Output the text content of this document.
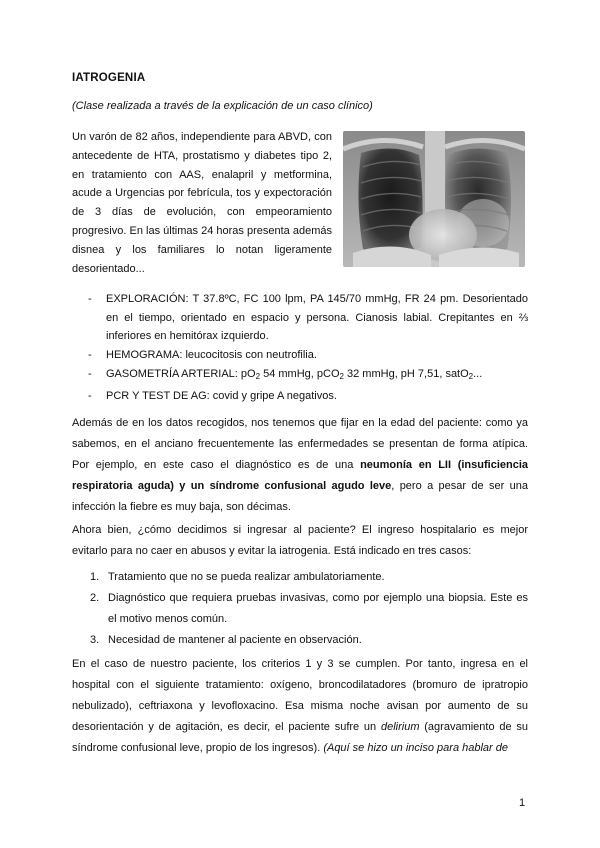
IATROGENIA
(Clase realizada a través de la explicación de un caso clínico)
Un varón de 82 años, independiente para ABVD, con antecedente de HTA, prostatismo y diabetes tipo 2, en tratamiento con AAS, enalapril y metformina, acude a Urgencias por febrícula, tos y expectoración de 3 días de evolución, con empeoramiento progresivo. En las últimas 24 horas presenta además disnea y los familiares lo notan ligeramente desorientado...
- EXPLORACIÓN: T 37.8ºC, FC 100 lpm, PA 145/70 mmHg, FR 24 pm. Desorientado en el tiempo, orientado en espacio y persona. Cianosis labial. Crepitantes en ⅔ inferiores en hemitórax izquierdo.
- HEMOGRAMA: leucocitosis con neutrofilia.
- GASOMETRÍA ARTERIAL: $pO_2$ 54 mmHg, pCO$_2$ 32 mmHg, pH 7,51, satO$_2$...
- PCR Y TEST DE AG: covid y gripe A negativos.

Además de en los datos recogidos, nos tenemos que fijar en la edad del paciente: como ya sabemos, en el anciano frecuentemente las enfermedades se presentan de forma atípica. Por ejemplo, en este caso el diagnóstico es de una neumonía en LII (insuficiencia respiratoria aguda) y un síndrome confusional agudo leve, pero a pesar de ser una infección la fiebre es muy baja, son décimas.

Ahora bien, ¿cómo decidimos si ingresar al paciente? El ingreso hospitalario es mejor evitarlo para no caer en abusos y evitar la iatrogenia. Está indicado en tres casos:

1. Tratamiento que no se pueda realizar ambulatoriamente.
2. Diagnóstico que requiera pruebas invasivas, como por ejemplo una biopsia. Este es el motivo menos común.
3. Necesidad de mantener al paciente en observación.

En el caso de nuestro paciente, los criterios 1 y 3 se cumplen. Por tanto, ingresa en el hospital con el siguiente tratamiento: oxígeno, broncodilatadores (bromuro de ipratropio nebulizado), ceftriaxona y levofloxacino. Esa misma noche avisan por aumento de su desorientación y de agitación, es decir, el paciente sufre un delirium (agravamiento de su síndrome confusional leve, propio de los ingresos). (Aquí se hizo un inciso para hablar de

1
